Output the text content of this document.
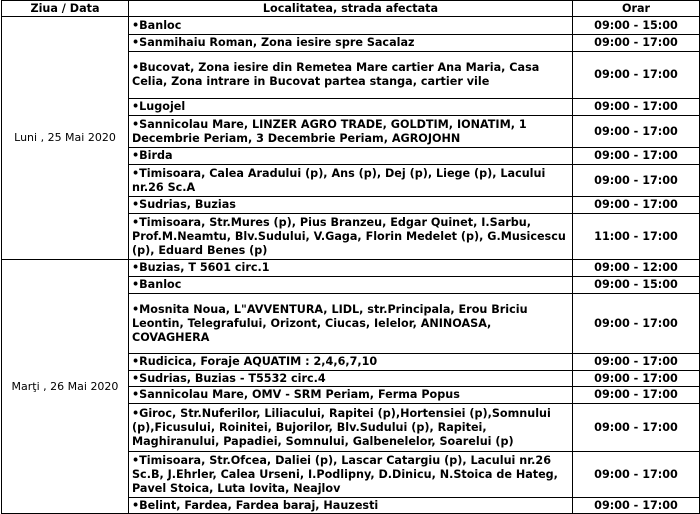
Ziua / Data	Localitatea, strada afectata	Orar
Luni , 25 Mai 2020	•Banloc	09:00 - 15:00
	•Sanmihaiu Roman, Zona iesire spre Sacalaz	09:00 - 17:00
	•Bucovat, Zona iesire din Remetea Mare cartier Ana Maria, Casa Celia, Zona intrare in Bucovat partea stanga, cartier vile	09:00 - 17:00
	•Lugojel	09:00 - 17:00
	•Sannicolau Mare, LINZER AGRO TRADE, GOLDTIM, IONATIM, 1 Decembrie Periam, 3 Decembrie Periam, AGROJOHN	09:00 - 17:00
	•Birda	09:00 - 17:00
	•Timisoara, Calea Aradului (p), Ans (p), Dej (p), Liege (p), Lacului nr.26 Sc.A	09:00 - 17:00
	•Sudrias, Buzias	09:00 - 17:00
	•Timisoara, Str.Mures (p), Pius Branzeu, Edgar Quinet, I.Sarbu, Prof.M.Neamtu, Blv.Sudului, V.Gaga, Florin Medelet (p), G.Musicescu (p), Eduard Benes (p)	11:00 - 17:00
Marţi , 26 Mai 2020	•Buzias, T 5601 circ.1	09:00 - 12:00
	•Banloc	09:00 - 15:00
	•Mosnita Noua, L"AVVENTURA, LIDL, str.Principala, Erou Briciu Leontin, Telegrafului, Orizont, Ciucas, Ielelor, ANINOASA, COVAGHERA	09:00 - 17:00
	•Rudicica, Foraje AQUATIM : 2,4,6,7,10	09:00 - 17:00
	•Sudrias, Buzias - T5532 circ.4	09:00 - 17:00
	•Sannicolau Mare, OMV - SRM Periam, Ferma Popus	09:00 - 17:00
	•Giroc, Str.Nuferilor, Liliacului, Rapitei (p),Hortensiei (p),Somnului (p),Ficusului, Roinitei, Bujorilor, Blv.Sudului (p), Rapitei, Maghiranului, Papadiei, Somnului, Galbenelelor, Soarelui (p)	09:00 - 17:00
	•Timisoara, Str.Ofcea, Daliei (p), Lascar Catargiu (p), Lacului nr.26 Sc.B, J.Ehrler, Calea Urseni, I.Podlipny, D.Dinicu, N.Stoica de Hateg, Pavel Stoica, Luta Iovita, Neajlov	09:00 - 17:00
	•Belint, Fardea, Fardea baraj, Hauzesti	09:00 - 17:00
